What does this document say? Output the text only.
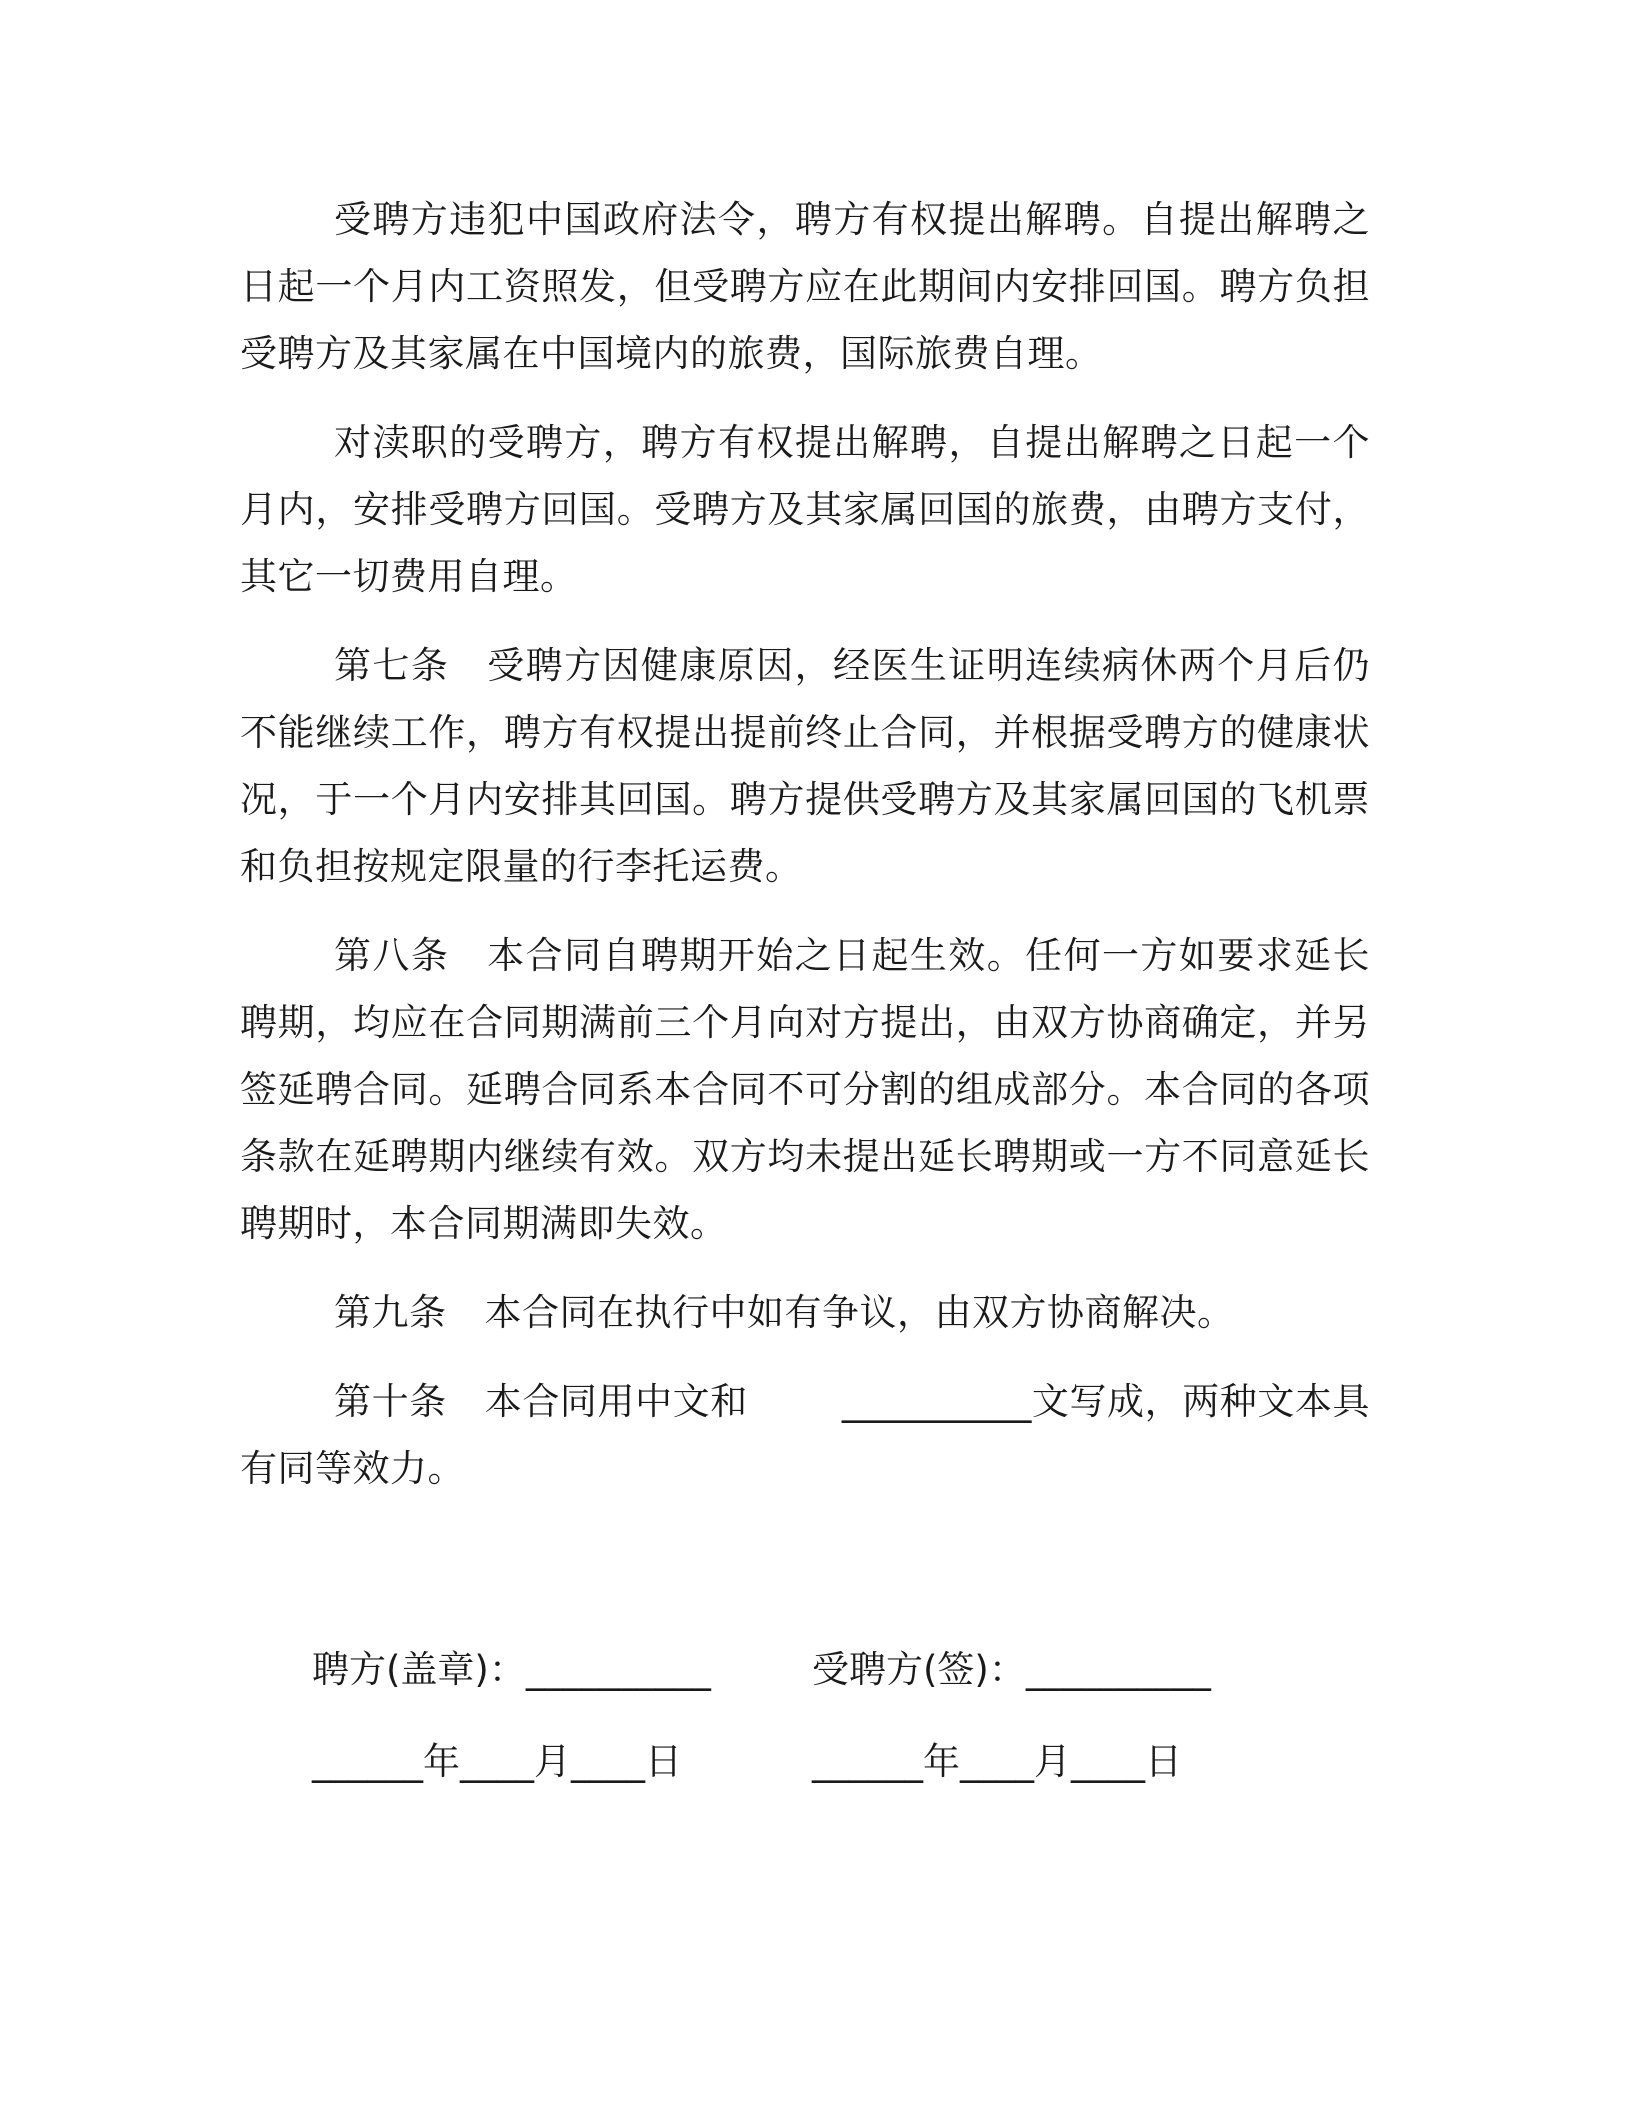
受聘方违犯中国政府法令，聘方有权提出解聘。自提出解聘之日起一个月内工资照发，但受聘方应在此期间内安排回国。聘方负担受聘方及其家属在中国境内的旅费，国际旅费自理。

对渎职的受聘方，聘方有权提出解聘，自提出解聘之日起一个月内，安排受聘方回国。受聘方及其家属回国的旅费，由聘方支付，其它一切费用自理。

第七条 受聘方因健康原因，经医生证明连续病休两个月后仍不能继续工作，聘方有权提出提前终止合同，并根据受聘方的健康状况，于一个月内安排其回国。聘方提供受聘方及其家属回国的飞机票和负担按规定限量的行李托运费。

第八条 本合同自聘期开始之日起生效。任何一方如要求延长聘期，均应在合同期满前三个月向对方提出，由双方协商确定，并另签延聘合同。延聘合同系本合同不可分割的组成部分。本合同的各项条款在延聘期内继续有效。双方均未提出延长聘期或一方不同意延长聘期时，本合同期满即失效。

第九条 本合同在执行中如有争议，由双方协商解决。

第十条 本合同用中文和	__________文写成，两种文本具有同等效力。

聘方(盖章)：__________	受聘方(签)：__________
______年____月____日	______年____月____日
